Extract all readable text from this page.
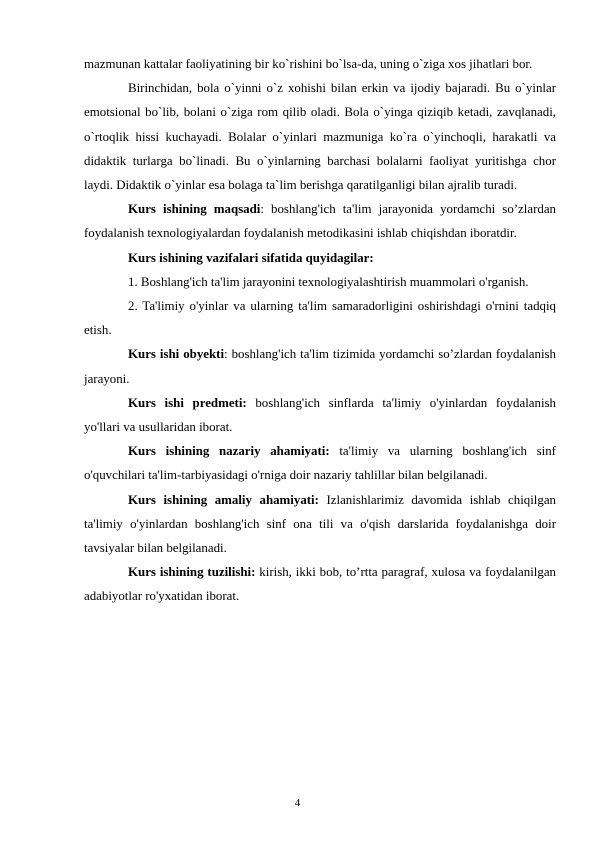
mazmunan kattalar faoliyatining bir ko`rishini bo`lsa-da, uning o`ziga xos jihatlari bor.

Birinchidan, bola o`yinni o`z xohishi bilan erkin va ijodiy bajaradi. Bu o`yinlar emotsional bo`lib, bolani o`ziga rom qilib oladi. Bola o`yinga qiziqib ketadi, zavqlanadi, o`rtoqlik hissi kuchayadi. Bolalar o`yinlari mazmuniga ko`ra o`yinchoqli, harakatli va didaktik turlarga bo`linadi. Bu o`yinlarning barchasi bolalarni faoliyat yuritishga chor laydi. Didaktik o`yinlar esa bolaga ta`lim berishga qaratilganligi bilan ajralib turadi.

Kurs ishining maqsadi: boshlang'ich ta'lim jarayonida yordamchi so’zlardan foydalanish texnologiyalardan foydalanish metodikasini ishlab chiqishdan iboratdir.

Kurs ishining vazifalari sifatida quyidagilar:

1. Boshlang'ich ta'lim jarayonini texnologiyalashtirish muammolari o'rganish.

2. Ta'limiy o'yinlar va ularning ta'lim samaradorligini oshirishdagi o'rnini tadqiq etish.

Kurs ishi obyekti: boshlang'ich ta'lim tizimida yordamchi so’zlardan foydalanish jarayoni.

Kurs ishi predmeti: boshlang'ich sinflarda ta'limiy o'yinlardan foydalanish yo'llari va usullaridan iborat.

Kurs ishining nazariy ahamiyati: ta'limiy va ularning boshlang'ich sinf o'quvchilari ta'lim-tarbiyasidagi o'rniga doir nazariy tahlillar bilan belgilanadi.

Kurs ishining amaliy ahamiyati: Izlanishlarimiz davomida ishlab chiqilgan ta'limiy o'yinlardan boshlang'ich sinf ona tili va o'qish darslarida foydalanishga doir tavsiyalar bilan belgilanadi.

Kurs ishining tuzilishi: kirish, ikki bob, to’rtta paragraf, xulosa va foydalanilgan adabiyotlar ro'yxatidan iborat.

4
